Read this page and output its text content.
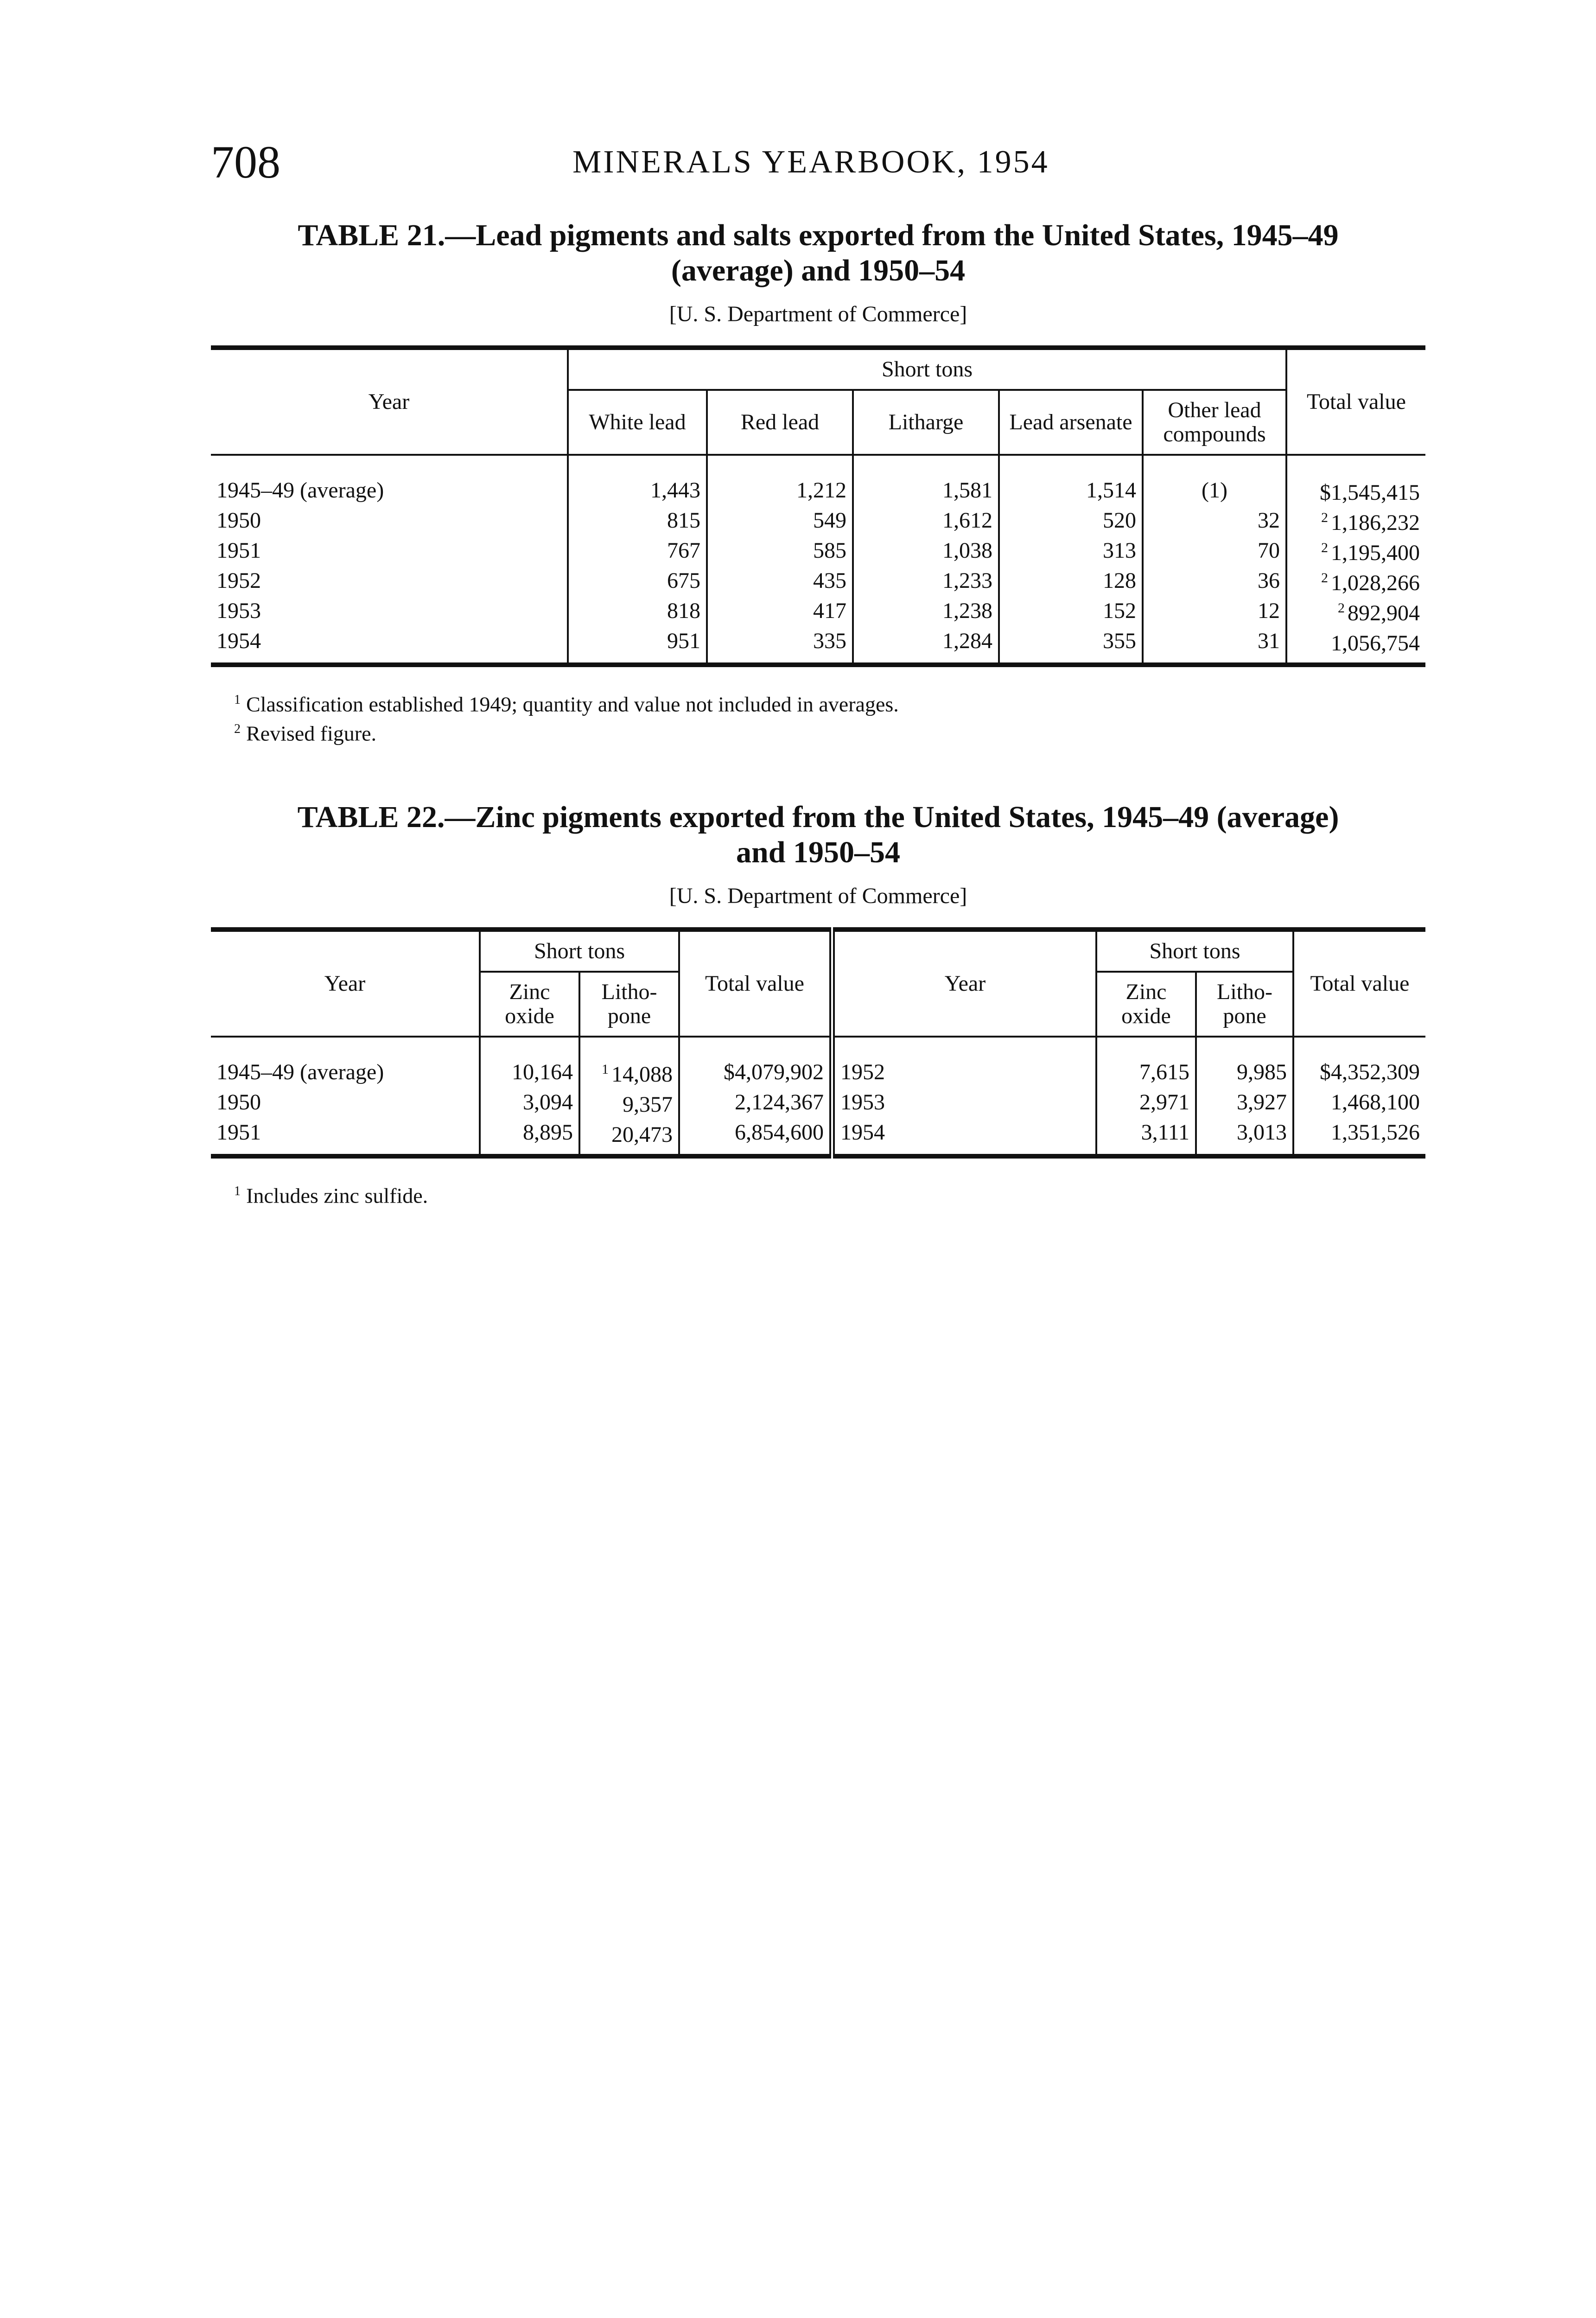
708	MINERALS YEARBOOK, 1954

TABLE 21.—Lead pigments and salts exported from the United States, 1945–49
(average) and 1950–54

[U. S. Department of Commerce]
Year	Short tons					Total value
	White lead	Red lead	Litharge	Lead arsenate	Other lead compounds	
1945–49 (average)	1,443	1,212	1,581	1,514	(1)	$1,545,415
1950	815	549	1,612	520	32	$^2$ 1,186,232
1951	767	585	1,038	313	70	$^2$ 1,195,400
1952	675	435	1,233	128	36	$^2$ 1,028,266
1953	818	417	1,238	152	12	$^2$ 892,904
1954	951	335	1,284	355	31	1,056,754
$^1$ Classification established 1949; quantity and value not included in averages.
$^2$ Revised figure.

TABLE 22.—Zinc pigments exported from the United States, 1945–49 (average)
and 1950–54

[U. S. Department of Commerce]
Year	Short tons		Total value	Year	Short tons		Total value
	Zinc oxide	Litho-pone			Zinc oxide	Litho-pone	
1945–49 (average)	10,164	$^1$ 14,088	$4,079,902	1952	7,615	9,985	$4,352,309
1950	3,094	9,357	2,124,367	1953	2,971	3,927	1,468,100
1951	8,895	20,473	6,854,600	1954	3,111	3,013	1,351,526
$^1$ Includes zinc sulfide.
